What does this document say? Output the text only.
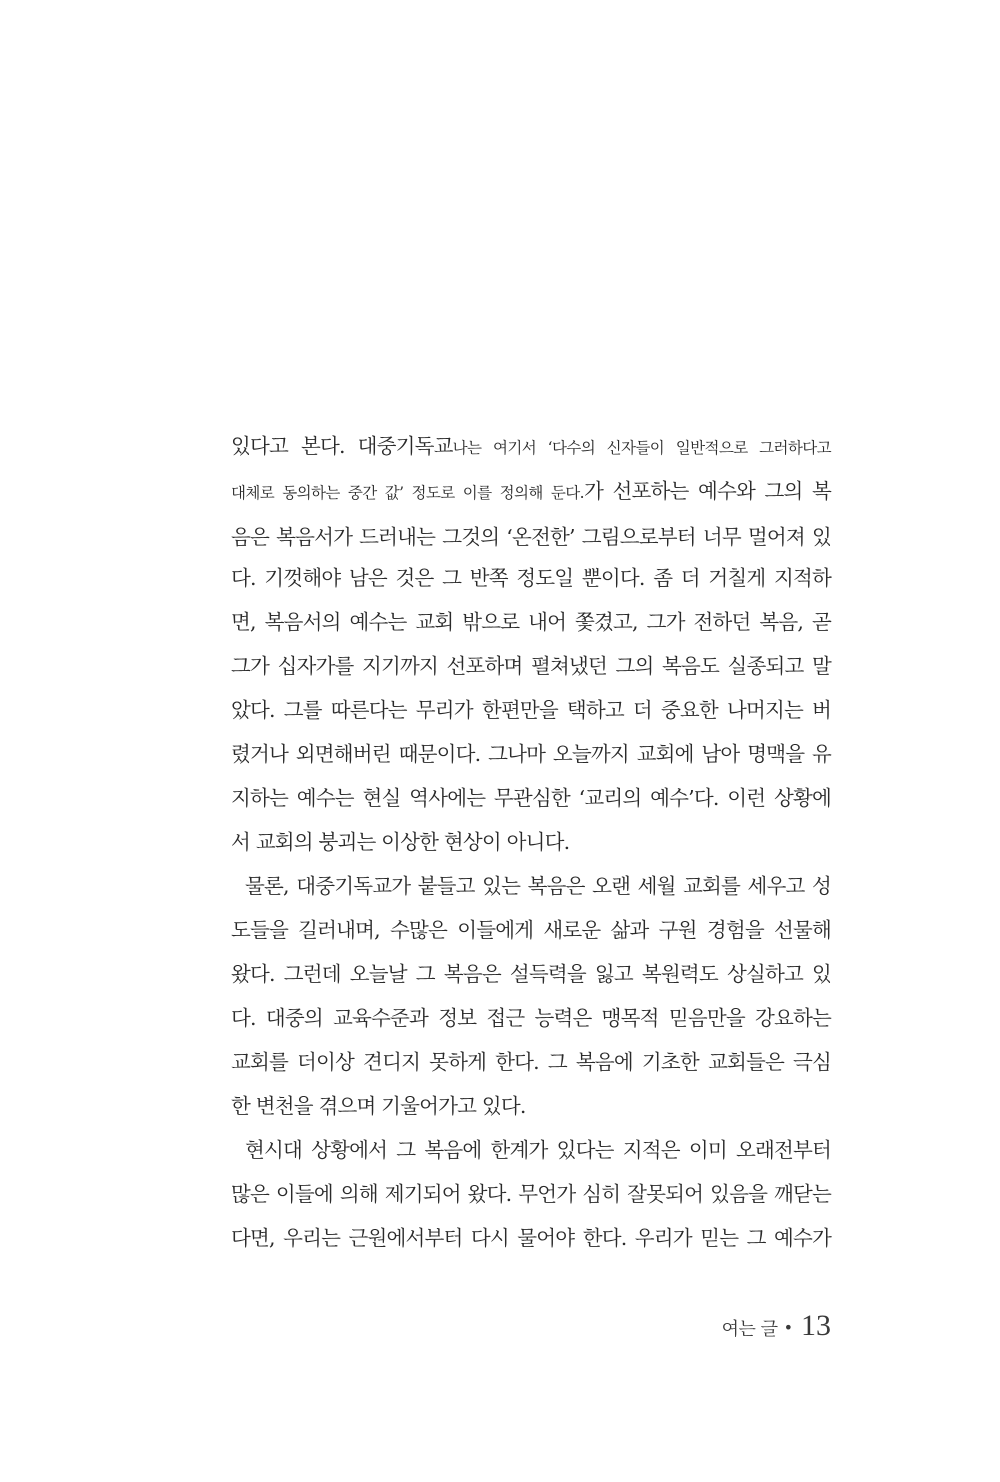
있다고 본다. 대중기독교나는 여기서 ‘다수의 신자들이 일반적으로 그러하다고
대체로 동의하는 중간 값’ 정도로 이를 정의해 둔다.가 선포하는 예수와 그의 복
음은 복음서가 드러내는 그것의 ‘온전한’ 그림으로부터 너무 멀어져 있
다. 기껏해야 남은 것은 그 반쪽 정도일 뿐이다. 좀 더 거칠게 지적하
면, 복음서의 예수는 교회 밖으로 내어 쫓겼고, 그가 전하던 복음, 곧
그가 십자가를 지기까지 선포하며 펼쳐냈던 그의 복음도 실종되고 말
았다. 그를 따른다는 무리가 한편만을 택하고 더 중요한 나머지는 버
렸거나 외면해버린 때문이다. 그나마 오늘까지 교회에 남아 명맥을 유
지하는 예수는 현실 역사에는 무관심한 ‘교리의 예수’다. 이런 상황에
서 교회의 붕괴는 이상한 현상이 아니다.
물론, 대중기독교가 붙들고 있는 복음은 오랜 세월 교회를 세우고 성
도들을 길러내며, 수많은 이들에게 새로운 삶과 구원 경험을 선물해
왔다. 그런데 오늘날 그 복음은 설득력을 잃고 복원력도 상실하고 있
다. 대중의 교육수준과 정보 접근 능력은 맹목적 믿음만을 강요하는
교회를 더이상 견디지 못하게 한다. 그 복음에 기초한 교회들은 극심
한 변천을 겪으며 기울어가고 있다.
현시대 상황에서 그 복음에 한계가 있다는 지적은 이미 오래전부터
많은 이들에 의해 제기되어 왔다. 무언가 심히 잘못되어 있음을 깨닫는
다면, 우리는 근원에서부터 다시 물어야 한다. 우리가 믿는 그 예수가
여는 글 • 13
